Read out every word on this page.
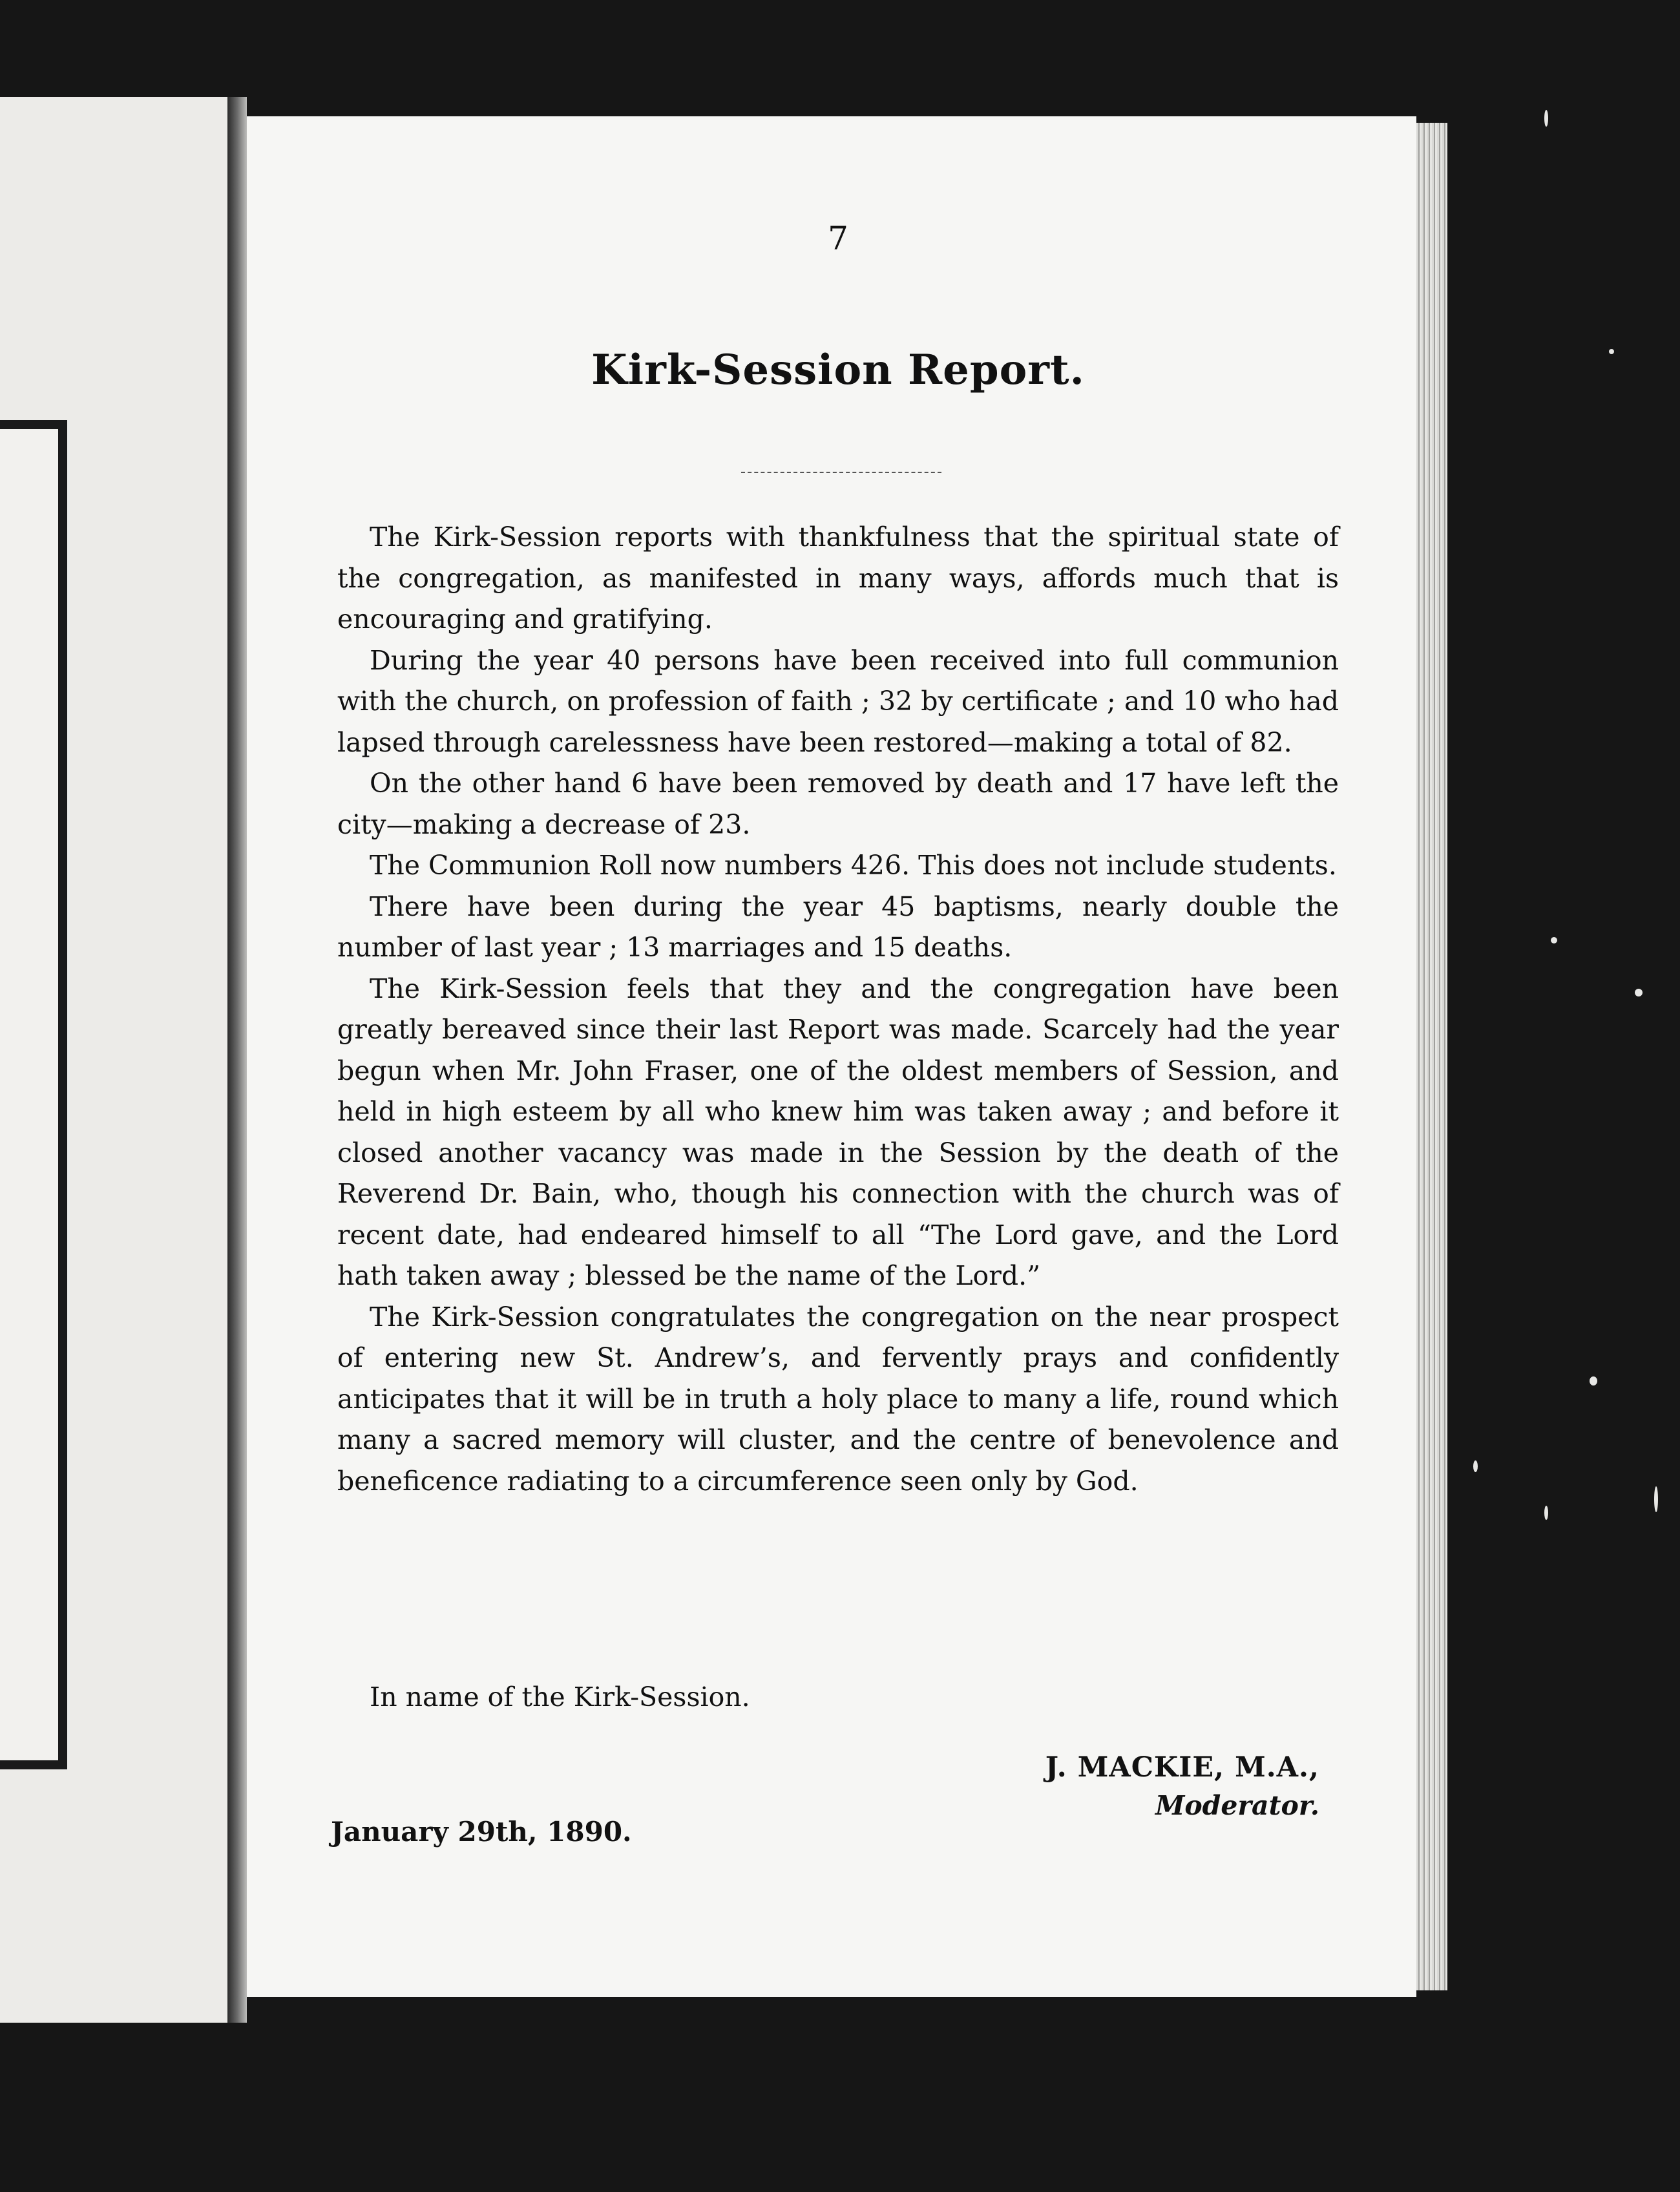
7
Kirk-Session Report.

The Kirk-Session reports with thankfulness that the spiritual state of the congregation, as manifested in many ways, affords much that is encouraging and gratifying.

During the year 40 persons have been received into full communion with the church, on profession of faith ; 32 by certificate ; and 10 who had lapsed through carelessness have been restored—making a total of 82.

On the other hand 6 have been removed by death and 17 have left the city—making a decrease of 23.

The Communion Roll now numbers 426. This does not include students.

There have been during the year 45 baptisms, nearly double the number of last year ; 13 marriages and 15 deaths.

The Kirk-Session feels that they and the congregation have been greatly bereaved since their last Report was made. Scarcely had the year begun when Mr. John Fraser, one of the oldest members of Session, and held in high esteem by all who knew him was taken away ; and before it closed another vacancy was made in the Session by the death of the Reverend Dr. Bain, who, though his connection with the church was of recent date, had endeared himself to all “The Lord gave, and the Lord hath taken away ; blessed be the name of the Lord.”

The Kirk-Session congratulates the congregation on the near prospect of entering new St. Andrew’s, and fervently prays and confidently anticipates that it will be in truth a holy place to many a life, round which many a sacred memory will cluster, and the centre of benevolence and beneficence radiating to a circumference seen only by God.

In name of the Kirk-Session.
J. MACKIE, M.A.,
Moderator.
January 29th, 1890.
